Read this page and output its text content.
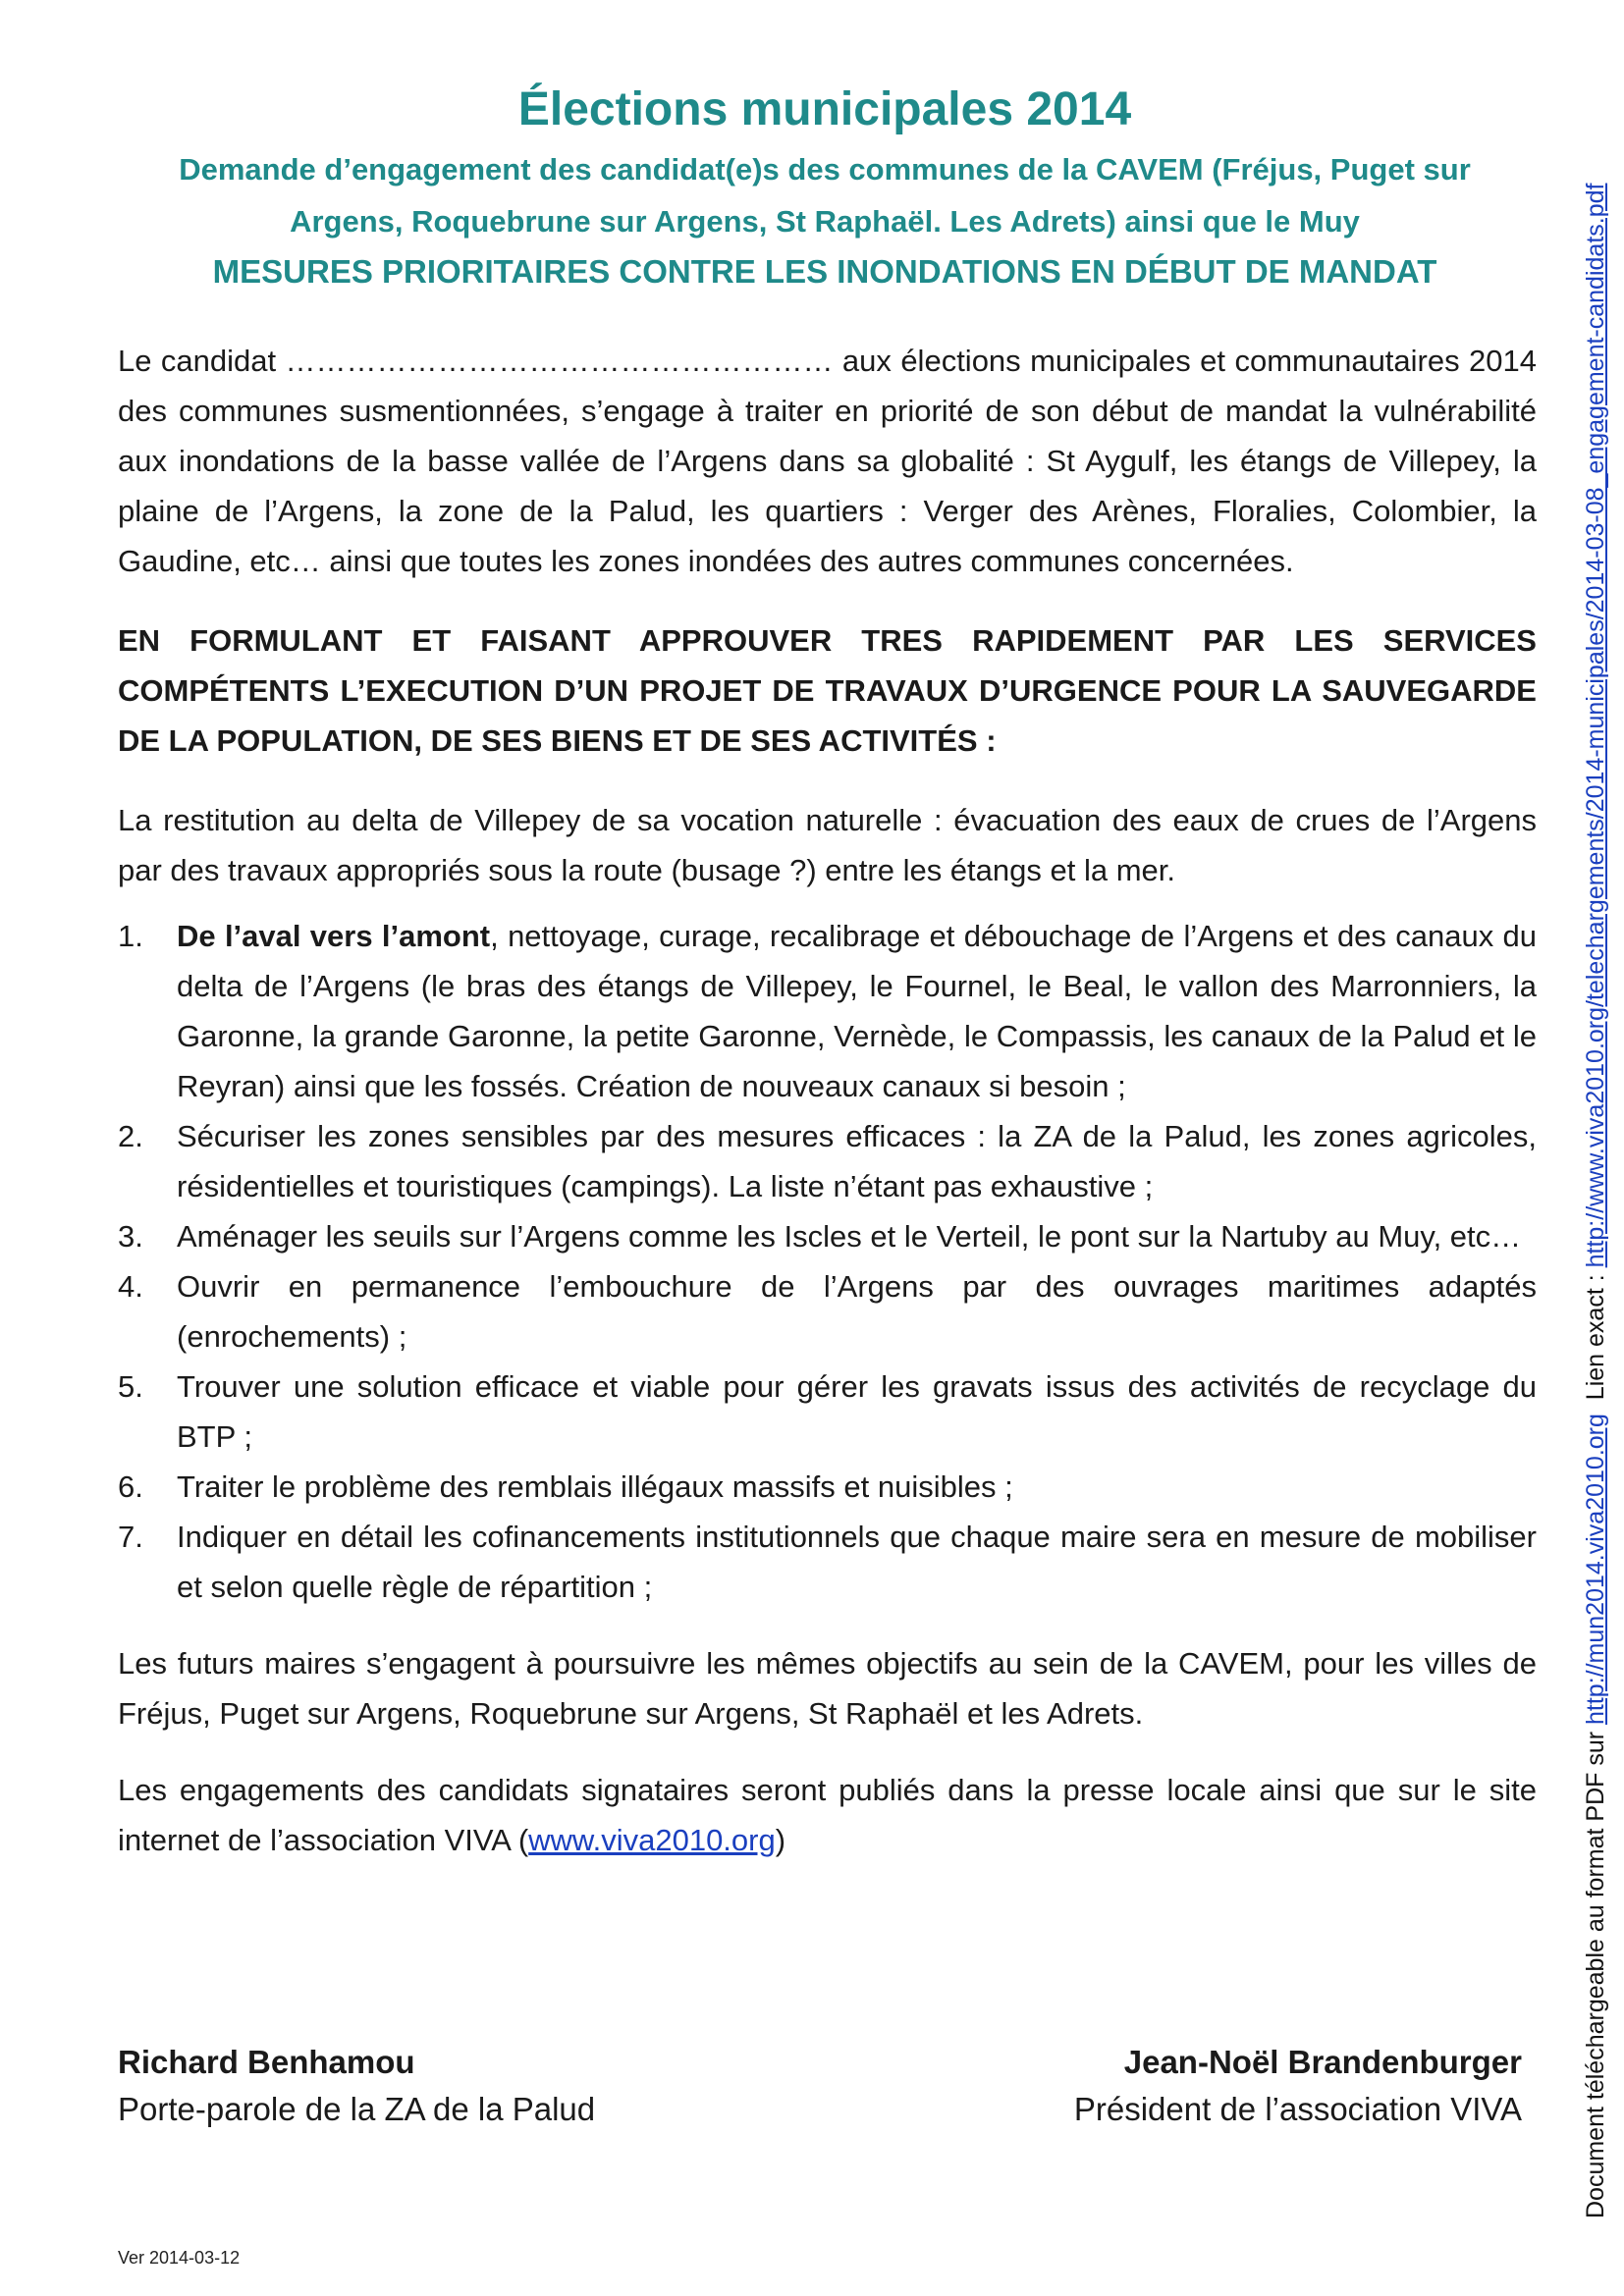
Élections municipales 2014
Demande d’engagement des candidat(e)s des communes de la CAVEM (Fréjus, Puget sur
Argens, Roquebrune sur Argens, St Raphaël. Les Adrets) ainsi que le Muy
MESURES PRIORITAIRES CONTRE LES INONDATIONS EN DÉBUT DE MANDAT

Le candidat ……………………………………………… aux élections municipales et communautaires 2014 des communes susmentionnées, s’engage à traiter en priorité de son début de mandat la vulnérabilité aux inondations de la basse vallée de l’Argens dans sa globalité : St Aygulf, les étangs de Villepey, la plaine de l’Argens, la zone de la Palud, les quartiers : Verger des Arènes, Floralies, Colombier, la Gaudine, etc… ainsi que toutes les zones inondées des autres communes concernées.

EN FORMULANT ET FAISANT APPROUVER TRES RAPIDEMENT PAR LES SERVICES COMPÉTENTS L’EXECUTION D’UN PROJET DE TRAVAUX D’URGENCE POUR LA SAUVEGARDE DE LA POPULATION, DE SES BIENS ET DE SES ACTIVITÉS :

La restitution au delta de Villepey de sa vocation naturelle : évacuation des eaux de crues de l’Argens par des travaux appropriés sous la route (busage ?) entre les étangs et la mer.

1. De l’aval vers l’amont, nettoyage, curage, recalibrage et débouchage de l’Argens et des canaux du delta de l’Argens (le bras des étangs de Villepey, le Fournel, le Beal, le vallon des Marronniers, la Garonne, la grande Garonne, la petite Garonne, Vernède, le Compassis, les canaux de la Palud et le Reyran) ainsi que les fossés. Création de nouveaux canaux si besoin ;
2. Sécuriser les zones sensibles par des mesures efficaces : la ZA de la Palud, les zones agricoles, résidentielles et touristiques (campings). La liste n’étant pas exhaustive ;
3. Aménager les seuils sur l’Argens comme les Iscles et le Verteil, le pont sur la Nartuby au Muy, etc…
4. Ouvrir en permanence l’embouchure de l’Argens par des ouvrages maritimes adaptés (enrochements) ;
5. Trouver une solution efficace et viable pour gérer les gravats issus des activités de recyclage du BTP ;
6. Traiter le problème des remblais illégaux massifs et nuisibles ;
7. Indiquer en détail les cofinancements institutionnels que chaque maire sera en mesure de mobiliser et selon quelle règle de répartition ;

Les futurs maires s’engagent à poursuivre les mêmes objectifs au sein de la CAVEM, pour les villes de Fréjus, Puget sur Argens, Roquebrune sur Argens, St Raphaël et les Adrets.

Les engagements des candidats signataires seront publiés dans la presse locale ainsi que sur le site internet de l’association VIVA (www.viva2010.org)

Richard Benhamou
Porte-parole de la ZA de la Palud
Jean-Noël Brandenburger
Président de l’association VIVA
Ver 2014-03-12
Document téléchargeable au format PDF sur http://mun2014.viva2010.org  Lien exact : http://www.viva2010.org/telechargements/2014-municipales/2014-03-08_engagement-candidats.pdf
